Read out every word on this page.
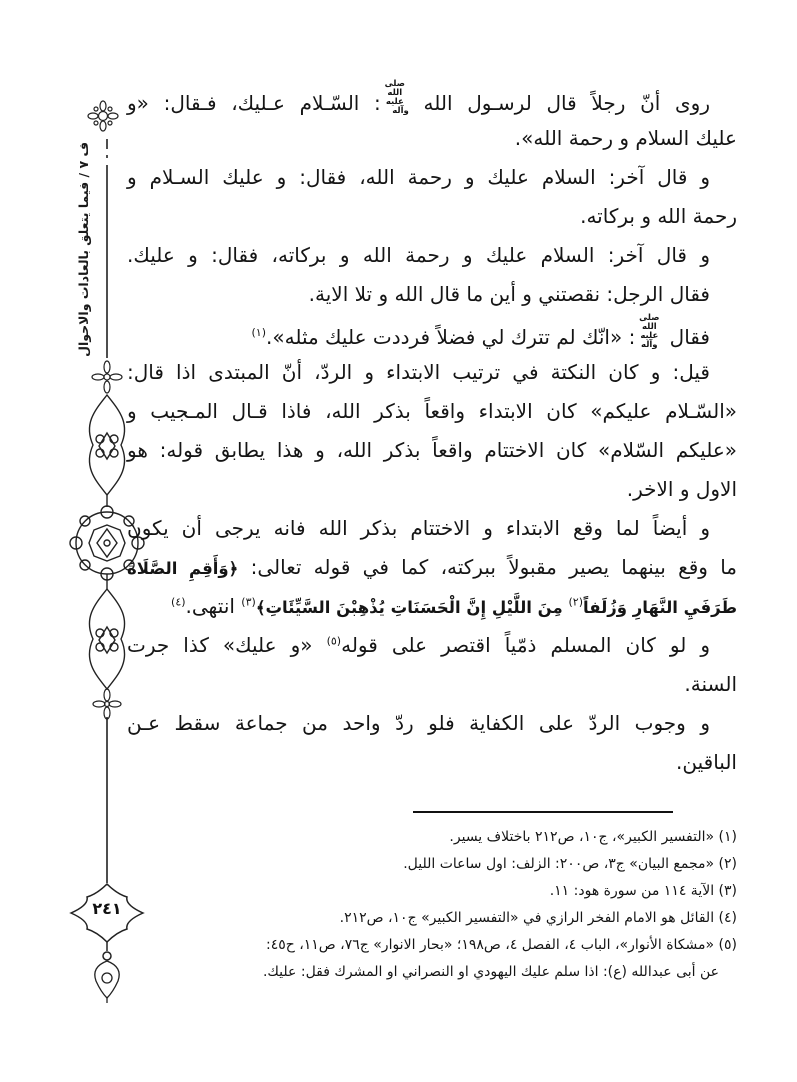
ف ٧ / فيما يتعلق بالعادات والاحوال
٢٤١
روى أنّ رجلاً قال لرسـول الله صلى الله عليه وآله: السّـلام عـليك، فـقال: «و
عليك السلام و رحمة الله».
و قال آخر: السلام عليك و رحمة الله، فقال: و عليك السـلام و
رحمة الله و بركاته.
و قال آخر: السلام عليك و رحمة الله و بركاته، فقال: و عليك.
فقال الرجل: نقصتني و أين ما قال الله و تلا الاية.
فقال صلى الله عليه وآله: «انّك لم تترك لي فضلاً فرددت عليك مثله».$^{(١)}$
قيل: و كان النكتة في ترتيب الابتداء و الردّ، أنّ المبتدى اذا قال:
«السّـلام عليكم» كان الابتداء واقعاً بذكر الله، فاذا قـال المـجيب و
«عليكم السّلام» كان الاختتام واقعاً بذكر الله، و هذا يطابق قوله: هو
الاول و الاخر.
و أيضاً لما وقع الابتداء و الاختتام بذكر الله فانه يرجى أن يكون
ما وقع بينهما يصير مقبولاً ببركته، كما في قوله تعالى: ﴿وَأَقِمِ الصَّلَاةَ
طَرَفَيِ النَّهَارِ وَزُلَفاً$^{(٢)}$ مِنَ اللَّيْلِ إِنَّ الْحَسَنَاتِ يُذْهِبْنَ السَّيِّئَاتِ﴾$^{(٣)}$ انتهى.$^{(٤)}$
و لو كان المسلم ذمّياً اقتصر على قوله$^{(٥)}$ «و عليك» كذا جرت
السنة.
و وجوب الردّ على الكفاية فلو ردّ واحد من جماعة سقط عـن
الباقين.
(١) «التفسير الكبير»، ج١٠، ص٢١٢ باختلاف يسير.
(٢) «مجمع البيان» ج٣، ص٢٠٠: الزلف: اول ساعات الليل.
(٣) الآية ١١٤ من سورة هود: ١١.
(٤) القائل هو الامام الفخر الرازي في «التفسير الكبير» ج١٠، ص٢١٢.
(٥) «مشكاة الأنوار»، الباب ٤، الفصل ٤، ص١٩٨؛ «بحار الانوار» ج٧٦، ص١١، ح٤٥:
عن أبى عبدالله (ع): اذا سلم عليك اليهودي او النصراني او المشرك فقل: عليك.
